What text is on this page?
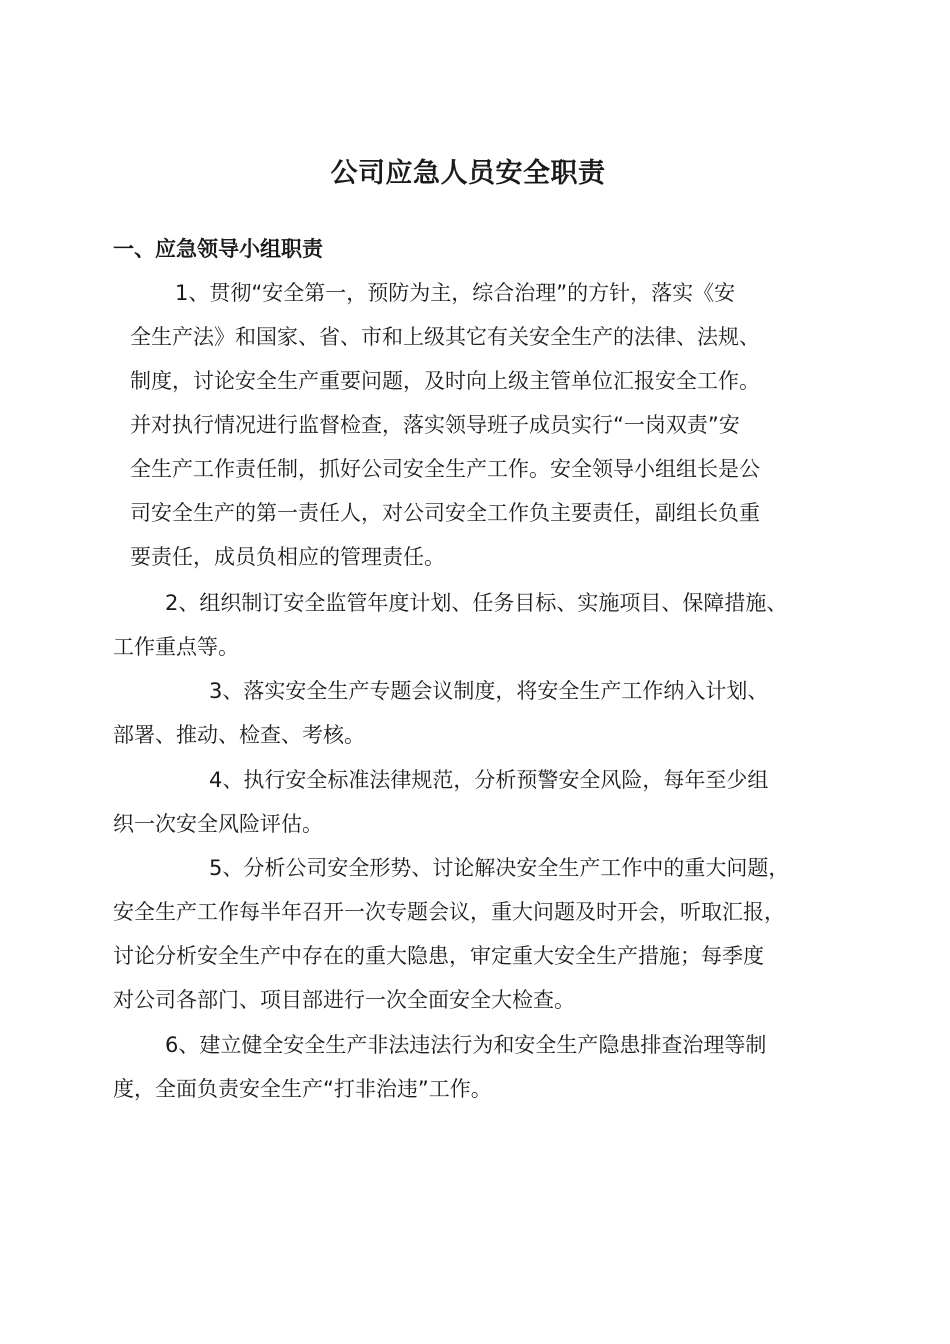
公司应急人员安全职责
一、应急领导小组职责
1、贯彻“安全第一，预防为主，综合治理”的方针，落实《安
全生产法》和国家、省、市和上级其它有关安全生产的法律、法规、
制度，讨论安全生产重要问题，及时向上级主管单位汇报安全工作。
并对执行情况进行监督检查，落实领导班子成员实行“一岗双责”安
全生产工作责任制，抓好公司安全生产工作。安全领导小组组长是公
司安全生产的第一责任人，对公司安全工作负主要责任，副组长负重
要责任，成员负相应的管理责任。
2、组织制订安全监管年度计划、任务目标、实施项目、保障措施、
工作重点等。
3、落实安全生产专题会议制度，将安全生产工作纳入计划、
部署、推动、检查、考核。
4、执行安全标准法律规范，分析预警安全风险，每年至少组
织一次安全风险评估。
5、分析公司安全形势、讨论解决安全生产工作中的重大问题，
安全生产工作每半年召开一次专题会议，重大问题及时开会，听取汇报，
讨论分析安全生产中存在的重大隐患，审定重大安全生产措施；每季度
对公司各部门、项目部进行一次全面安全大检查。
6、建立健全安全生产非法违法行为和安全生产隐患排查治理等制
度，全面负责安全生产“打非治违”工作。
